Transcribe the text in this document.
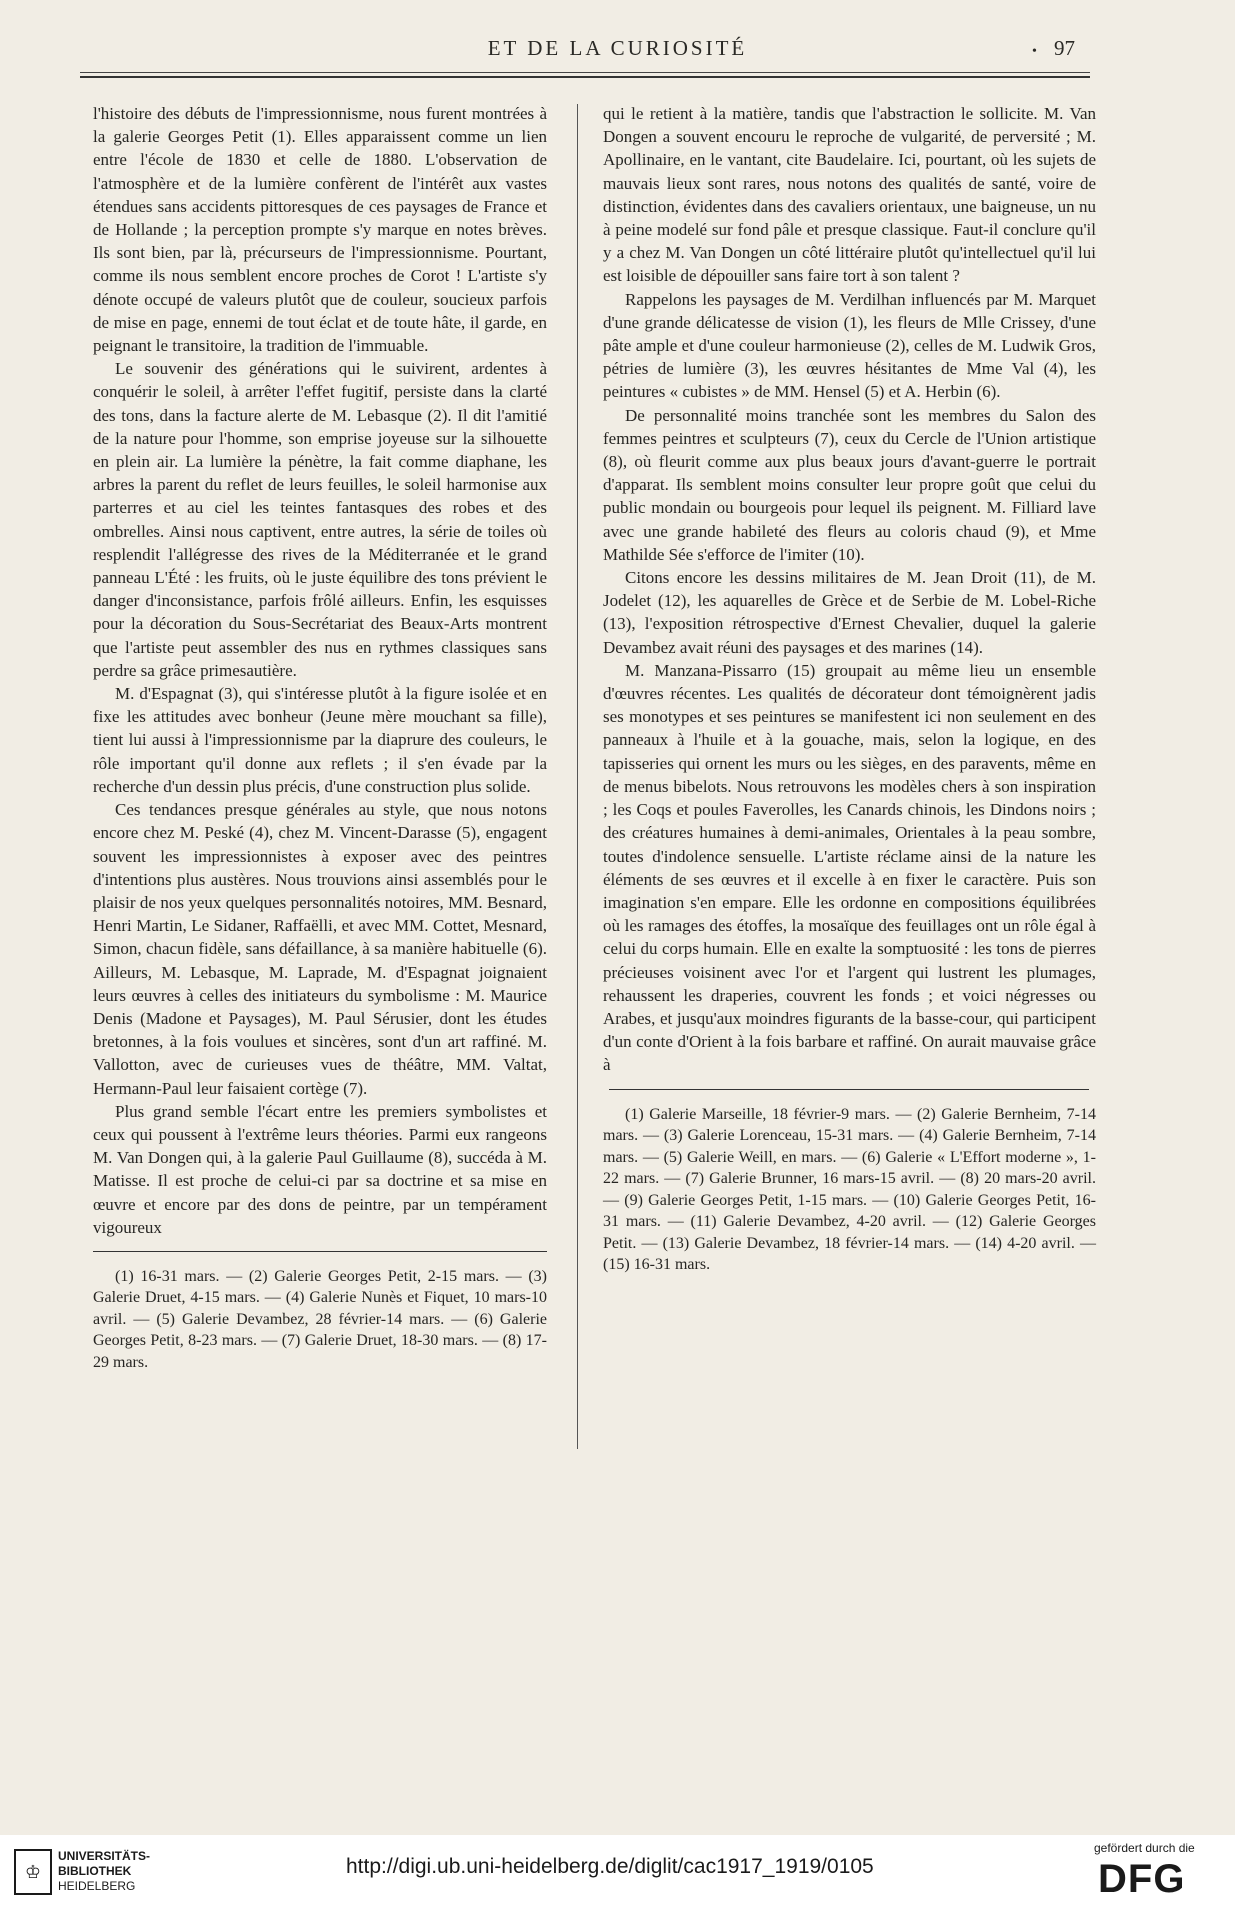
ET DE LA CURIOSITÉ	• 97

l'histoire des débuts de l'impressionnisme, nous furent montrées à la galerie Georges Petit (1). Elles apparaissent comme un lien entre l'école de 1830 et celle de 1880. L'observation de l'atmosphère et de la lumière confèrent de l'intérêt aux vastes étendues sans accidents pittoresques de ces paysages de France et de Hollande ; la perception prompte s'y marque en notes brèves. Ils sont bien, par là, précurseurs de l'impressionnisme. Pourtant, comme ils nous semblent encore proches de Corot ! L'artiste s'y dénote occupé de valeurs plutôt que de couleur, soucieux parfois de mise en page, ennemi de tout éclat et de toute hâte, il garde, en peignant le transitoire, la tradition de l'immuable.

Le souvenir des générations qui le suivirent, ardentes à conquérir le soleil, à arrêter l'effet fugitif, persiste dans la clarté des tons, dans la facture alerte de M. Lebasque (2). Il dit l'amitié de la nature pour l'homme, son emprise joyeuse sur la silhouette en plein air. La lumière la pénètre, la fait comme diaphane, les arbres la parent du reflet de leurs feuilles, le soleil harmonise aux parterres et au ciel les teintes fantasques des robes et des ombrelles. Ainsi nous captivent, entre autres, la série de toiles où resplendit l'allégresse des rives de la Méditerranée et le grand panneau L'Été : les fruits, où le juste équilibre des tons prévient le danger d'inconsistance, parfois frôlé ailleurs. Enfin, les esquisses pour la décoration du Sous-Secrétariat des Beaux-Arts montrent que l'artiste peut assembler des nus en rythmes classiques sans perdre sa grâce primesautière.

M. d'Espagnat (3), qui s'intéresse plutôt à la figure isolée et en fixe les attitudes avec bonheur (Jeune mère mouchant sa fille), tient lui aussi à l'impressionnisme par la diaprure des couleurs, le rôle important qu'il donne aux reflets ; il s'en évade par la recherche d'un dessin plus précis, d'une construction plus solide.

Ces tendances presque générales au style, que nous notons encore chez M. Peské (4), chez M. Vincent-Darasse (5), engagent souvent les impressionnistes à exposer avec des peintres d'intentions plus austères. Nous trouvions ainsi assemblés pour le plaisir de nos yeux quelques personnalités notoires, MM. Besnard, Henri Martin, Le Sidaner, Raffaëlli, et avec MM. Cottet, Mesnard, Simon, chacun fidèle, sans défaillance, à sa manière habituelle (6). Ailleurs, M. Lebasque, M. Laprade, M. d'Espagnat joignaient leurs œuvres à celles des initiateurs du symbolisme : M. Maurice Denis (Madone et Paysages), M. Paul Sérusier, dont les études bretonnes, à la fois voulues et sincères, sont d'un art raffiné. M. Vallotton, avec de curieuses vues de théâtre, MM. Valtat, Hermann-Paul leur faisaient cortège (7).

Plus grand semble l'écart entre les premiers symbolistes et ceux qui poussent à l'extrême leurs théories. Parmi eux rangeons M. Van Dongen qui, à la galerie Paul Guillaume (8), succéda à M. Matisse. Il est proche de celui-ci par sa doctrine et sa mise en œuvre et encore par des dons de peintre, par un tempérament vigoureux

(1) 16-31 mars. — (2) Galerie Georges Petit, 2-15 mars. — (3) Galerie Druet, 4-15 mars. — (4) Galerie Nunès et Fiquet, 10 mars-10 avril. — (5) Galerie Devambez, 28 février-14 mars. — (6) Galerie Georges Petit, 8-23 mars. — (7) Galerie Druet, 18-30 mars. — (8) 17-29 mars.

qui le retient à la matière, tandis que l'abstraction le sollicite. M. Van Dongen a souvent encouru le reproche de vulgarité, de perversité ; M. Apollinaire, en le vantant, cite Baudelaire. Ici, pourtant, où les sujets de mauvais lieux sont rares, nous notons des qualités de santé, voire de distinction, évidentes dans des cavaliers orientaux, une baigneuse, un nu à peine modelé sur fond pâle et presque classique. Faut-il conclure qu'il y a chez M. Van Dongen un côté littéraire plutôt qu'intellectuel qu'il lui est loisible de dépouiller sans faire tort à son talent ?

Rappelons les paysages de M. Verdilhan influencés par M. Marquet d'une grande délicatesse de vision (1), les fleurs de Mlle Crissey, d'une pâte ample et d'une couleur harmonieuse (2), celles de M. Ludwik Gros, pétries de lumière (3), les œuvres hésitantes de Mme Val (4), les peintures « cubistes » de MM. Hensel (5) et A. Herbin (6).

De personnalité moins tranchée sont les membres du Salon des femmes peintres et sculpteurs (7), ceux du Cercle de l'Union artistique (8), où fleurit comme aux plus beaux jours d'avant-guerre le portrait d'apparat. Ils semblent moins consulter leur propre goût que celui du public mondain ou bourgeois pour lequel ils peignent. M. Filliard lave avec une grande habileté des fleurs au coloris chaud (9), et Mme Mathilde Sée s'efforce de l'imiter (10).

Citons encore les dessins militaires de M. Jean Droit (11), de M. Jodelet (12), les aquarelles de Grèce et de Serbie de M. Lobel-Riche (13), l'exposition rétrospective d'Ernest Chevalier, duquel la galerie Devambez avait réuni des paysages et des marines (14).

M. Manzana-Pissarro (15) groupait au même lieu un ensemble d'œuvres récentes. Les qualités de décorateur dont témoignèrent jadis ses monotypes et ses peintures se manifestent ici non seulement en des panneaux à l'huile et à la gouache, mais, selon la logique, en des tapisseries qui ornent les murs ou les sièges, en des paravents, même en de menus bibelots. Nous retrouvons les modèles chers à son inspiration ; les Coqs et poules Faverolles, les Canards chinois, les Dindons noirs ; des créatures humaines à demi-animales, Orientales à la peau sombre, toutes d'indolence sensuelle. L'artiste réclame ainsi de la nature les éléments de ses œuvres et il excelle à en fixer le caractère. Puis son imagination s'en empare. Elle les ordonne en compositions équilibrées où les ramages des étoffes, la mosaïque des feuillages ont un rôle égal à celui du corps humain. Elle en exalte la somptuosité : les tons de pierres précieuses voisinent avec l'or et l'argent qui lustrent les plumages, rehaussent les draperies, couvrent les fonds ; et voici négresses ou Arabes, et jusqu'aux moindres figurants de la basse-cour, qui participent d'un conte d'Orient à la fois barbare et raffiné. On aurait mauvaise grâce à

(1) Galerie Marseille, 18 février-9 mars. — (2) Galerie Bernheim, 7-14 mars. — (3) Galerie Lorenceau, 15-31 mars. — (4) Galerie Bernheim, 7-14 mars. — (5) Galerie Weill, en mars. — (6) Galerie « L'Effort moderne », 1-22 mars. — (7) Galerie Brunner, 16 mars-15 avril. — (8) 20 mars-20 avril. — (9) Galerie Georges Petit, 1-15 mars. — (10) Galerie Georges Petit, 16-31 mars. — (11) Galerie Devambez, 4-20 avril. — (12) Galerie Georges Petit. — (13) Galerie Devambez, 18 février-14 mars. — (14) 4-20 avril. — (15) 16-31 mars.
♔
UNIVERSITÄTS-
BIBLIOTHEK
HEIDELBERG
http://digi.ub.uni-heidelberg.de/diglit/cac1917_1919/0105
gefördert durch die
DFG
